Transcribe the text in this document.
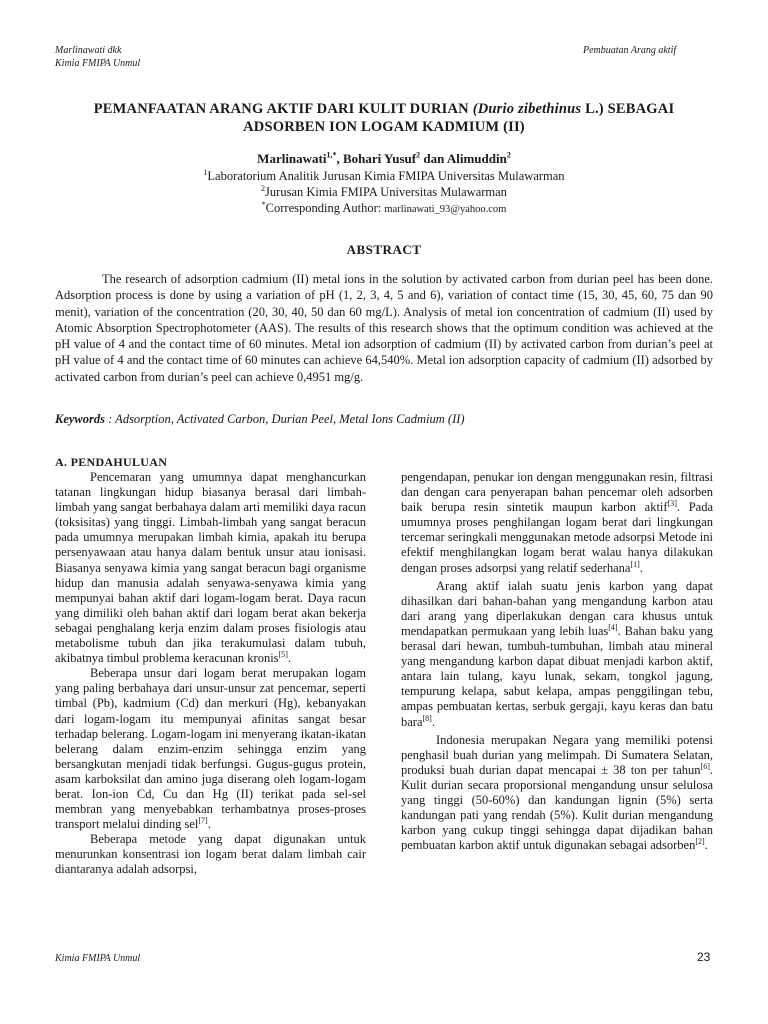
Marlinawati dkk
Kimia FMIPA Unmul
Pembuatan Arang aktif
PEMANFAATAN ARANG AKTIF DARI KULIT DURIAN (Durio zibethinus L.) SEBAGAI
ADSORBEN ION LOGAM KADMIUM (II)
Marlinawati$^{1,*}$, Bohari Yusuf$^2$ dan Alimuddin$^2$
$^1$Laboratorium Analitik Jurusan Kimia FMIPA Universitas Mulawarman
$^2$Jurusan Kimia FMIPA Universitas Mulawarman
*Corresponding Author: marlinawati_93@yahoo.com
ABSTRACT

The research of adsorption cadmium (II) metal ions in the solution by activated carbon from durian peel has been done. Adsorption process is done by using a variation of pH (1, 2, 3, 4, 5 and 6), variation of contact time (15, 30, 45, 60, 75 dan 90 menit), variation of the concentration (20, 30, 40, 50 dan 60 mg/L). Analysis of metal ion concentration of cadmium (II) used by Atomic Absorption Spectrophotometer (AAS). The results of this research shows that the optimum condition was achieved at the pH value of 4 and the contact time of 60 minutes. Metal ion adsorption of cadmium (II) by activated carbon from durian’s peel at pH value of 4 and the contact time of 60 minutes can achieve 64,540%. Metal ion adsorption capacity of cadmium (II) adsorbed by activated carbon from durian’s peel can achieve 0,4951 mg/g.

Keywords : Adsorption, Activated Carbon, Durian Peel, Metal Ions Cadmium (II)
A. PENDAHULUAN

Pencemaran yang umumnya dapat menghancurkan tatanan lingkungan hidup biasanya berasal dari limbah-limbah yang sangat berbahaya dalam arti memiliki daya racun (toksisitas) yang tinggi. Limbah-limbah yang sangat beracun pada umumnya merupakan limbah kimia, apakah itu berupa persenyawaan atau hanya dalam bentuk unsur atau ionisasi. Biasanya senyawa kimia yang sangat beracun bagi organisme hidup dan manusia adalah senyawa-senyawa kimia yang mempunyai bahan aktif dari logam-logam berat. Daya racun yang dimiliki oleh bahan aktif dari logam berat akan bekerja sebagai penghalang kerja enzim dalam proses fisiologis atau metabolisme tubuh dan jika terakumulasi dalam tubuh, akibatnya timbul problema keracunan kronis[5].

Beberapa unsur dari logam berat merupakan logam yang paling berbahaya dari unsur-unsur zat pencemar, seperti timbal (Pb), kadmium (Cd) dan merkuri (Hg), kebanyakan dari logam-logam itu mempunyai afinitas sangat besar terhadap belerang. Logam-logam ini menyerang ikatan-ikatan belerang dalam enzim-enzim sehingga enzim yang bersangkutan menjadi tidak berfungsi. Gugus-gugus protein, asam karboksilat dan amino juga diserang oleh logam-logam berat. Ion-ion Cd, Cu dan Hg (II) terikat pada sel-sel membran yang menyebabkan terhambatnya proses-proses transport melalui dinding sel[7].

Beberapa metode yang dapat digunakan untuk menurunkan konsentrasi ion logam berat dalam limbah cair diantaranya adalah adsorpsi,

pengendapan, penukar ion dengan menggunakan resin, filtrasi dan dengan cara penyerapan bahan pencemar oleh adsorben baik berupa resin sintetik maupun karbon aktif[3]. Pada umumnya proses penghilangan logam berat dari lingkungan tercemar seringkali menggunakan metode adsorpsi Metode ini efektif menghilangkan logam berat walau hanya dilakukan dengan proses adsorpsi yang relatif sederhana[1].

Arang aktif ialah suatu jenis karbon yang dapat dihasilkan dari bahan-bahan yang mengandung karbon atau dari arang yang diperlakukan dengan cara khusus untuk mendapatkan permukaan yang lebih luas[4]. Bahan baku yang berasal dari hewan, tumbuh-tumbuhan, limbah atau mineral yang mengandung karbon dapat dibuat menjadi karbon aktif, antara lain tulang, kayu lunak, sekam, tongkol jagung, tempurung kelapa, sabut kelapa, ampas penggilingan tebu, ampas pembuatan kertas, serbuk gergaji, kayu keras dan batu bara[8].

Indonesia merupakan Negara yang memiliki potensi penghasil buah durian yang melimpah. Di Sumatera Selatan, produksi buah durian dapat mencapai ± 38 ton per tahun[6]. Kulit durian secara proporsional mengandung unsur selulosa yang tinggi (50-60%) dan kandungan lignin (5%) serta kandungan pati yang rendah (5%). Kulit durian mengandung karbon yang cukup tinggi sehingga dapat dijadikan bahan pembuatan karbon aktif untuk digunakan sebagai adsorben[2].

Kimia FMIPA Unmul	23
